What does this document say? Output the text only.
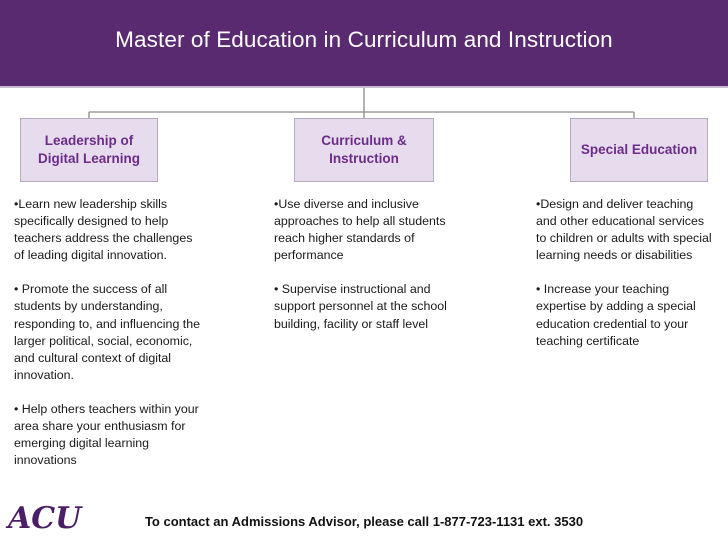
Master of Education in Curriculum and Instruction
Leadership of
Digital Learning
Curriculum &
Instruction
Special Education

•Learn new leadership skills specifically designed to help teachers address the challenges of leading digital innovation.

• Promote the success of all students by understanding, responding to, and influencing the larger political, social, economic, and cultural context of digital innovation.

• Help others teachers within your area share your enthusiasm for emerging digital learning innovations

•Use diverse and inclusive approaches to help all students reach higher standards of performance

• Supervise instructional and support personnel at the school building, facility or staff level

•Design and deliver teaching and other educational services to children or adults with special learning needs or disabilities

• Increase your teaching expertise by adding a special education credential to your teaching certificate

ACU	To contact an Admissions Advisor, please call 1-877-723-1131 ext. 3530
